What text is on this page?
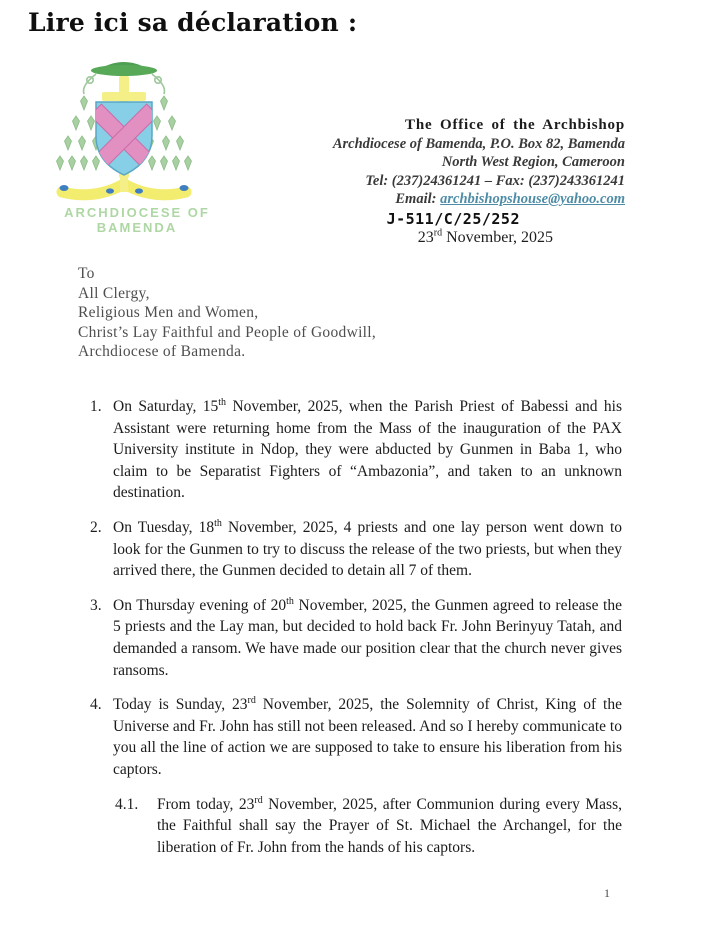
Lire ici sa déclaration :
ARCHDIOCESE OF BAMENDA
The Office of the Archbishop
Archdiocese of Bamenda, P.O. Box 82, Bamenda
North West Region, Cameroon
Tel: (237)24361241 – Fax: (237)243361241
Email: archbishopshouse@yahoo.com
J-511/C/25/252
23rd November, 2025
To
All Clergy,
Religious Men and Women,
Christ’s Lay Faithful and People of Goodwill,
Archdiocese of Bamenda.
1. On Saturday, 15th November, 2025, when the Parish Priest of Babessi and his Assistant were returning home from the Mass of the inauguration of the PAX University institute in Ndop, they were abducted by Gunmen in Baba 1, who claim to be Separatist Fighters of “Ambazonia”, and taken to an unknown destination.
2. On Tuesday, 18th November, 2025, 4 priests and one lay person went down to look for the Gunmen to try to discuss the release of the two priests, but when they arrived there, the Gunmen decided to detain all 7 of them.
3. On Thursday evening of 20th November, 2025, the Gunmen agreed to release the 5 priests and the Lay man, but decided to hold back Fr. John Berinyuy Tatah, and demanded a ransom. We have made our position clear that the church never gives ransoms.
4. Today is Sunday, 23rd November, 2025, the Solemnity of Christ, King of the Universe and Fr. John has still not been released. And so I hereby communicate to you all the line of action we are supposed to take to ensure his liberation from his captors.
4.1.	From today, 23rd November, 2025, after Communion during every Mass, the Faithful shall say the Prayer of St. Michael the Archangel, for the liberation of Fr. John from the hands of his captors.
1
